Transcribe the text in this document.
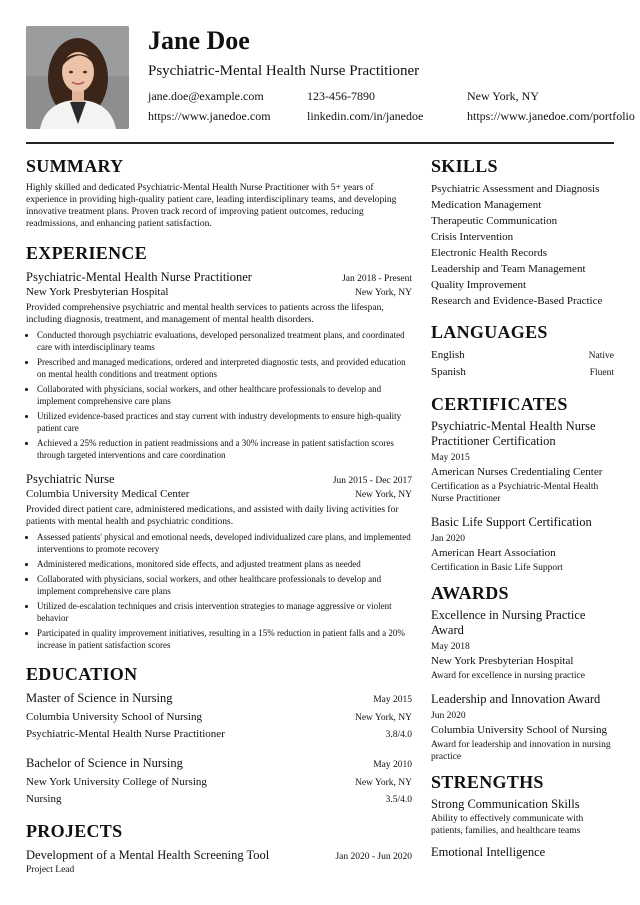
Jane Doe
Psychiatric-Mental Health Nurse Practitioner
jane.doe@example.com	123-456-7890	New York, NY
https://www.janedoe.com	linkedin.com/in/janedoe	https://www.janedoe.com/portfolio
SUMMARY
Highly skilled and dedicated Psychiatric-Mental Health Nurse Practitioner with 5+ years of experience in providing high-quality patient care, leading interdisciplinary teams, and developing innovative treatment plans. Proven track record of improving patient outcomes, reducing readmissions, and enhancing patient satisfaction.
EXPERIENCE
Psychiatric-Mental Health Nurse Practitioner	Jan 2018 - Present
New York Presbyterian Hospital	New York, NY
Provided comprehensive psychiatric and mental health services to patients across the lifespan, including diagnosis, treatment, and management of mental health disorders.
• Conducted thorough psychiatric evaluations, developed personalized treatment plans, and coordinated care with interdisciplinary teams
• Prescribed and managed medications, ordered and interpreted diagnostic tests, and provided education on mental health conditions and treatment options
• Collaborated with physicians, social workers, and other healthcare professionals to develop and implement comprehensive care plans
• Utilized evidence-based practices and stay current with industry developments to ensure high-quality patient care
• Achieved a 25% reduction in patient readmissions and a 30% increase in patient satisfaction scores through targeted interventions and care coordination
Psychiatric Nurse	Jun 2015 - Dec 2017
Columbia University Medical Center	New York, NY
Provided direct patient care, administered medications, and assisted with daily living activities for patients with mental health and psychiatric conditions.
• Assessed patients' physical and emotional needs, developed individualized care plans, and implemented interventions to promote recovery
• Administered medications, monitored side effects, and adjusted treatment plans as needed
• Collaborated with physicians, social workers, and other healthcare professionals to develop and implement comprehensive care plans
• Utilized de-escalation techniques and crisis intervention strategies to manage aggressive or violent behavior
• Participated in quality improvement initiatives, resulting in a 15% reduction in patient falls and a 20% increase in patient satisfaction scores
EDUCATION
Master of Science in Nursing	May 2015
Columbia University School of Nursing	New York, NY
Psychiatric-Mental Health Nurse Practitioner	3.8/4.0
Bachelor of Science in Nursing	May 2010
New York University College of Nursing	New York, NY
Nursing	3.5/4.0
PROJECTS
Development of a Mental Health Screening Tool	Jan 2020 - Jun 2020
Project Lead
SKILLS
Psychiatric Assessment and Diagnosis
Medication Management
Therapeutic Communication
Crisis Intervention
Electronic Health Records
Leadership and Team Management
Quality Improvement
Research and Evidence-Based Practice
LANGUAGES
English	Native
Spanish	Fluent
CERTIFICATES
Psychiatric-Mental Health Nurse Practitioner Certification
May 2015
American Nurses Credentialing Center
Certification as a Psychiatric-Mental Health Nurse Practitioner
Basic Life Support Certification
Jan 2020
American Heart Association
Certification in Basic Life Support
AWARDS
Excellence in Nursing Practice Award
May 2018
New York Presbyterian Hospital
Award for excellence in nursing practice
Leadership and Innovation Award
Jun 2020
Columbia University School of Nursing
Award for leadership and innovation in nursing practice
STRENGTHS
Strong Communication Skills
Ability to effectively communicate with patients, families, and healthcare teams
Emotional Intelligence
